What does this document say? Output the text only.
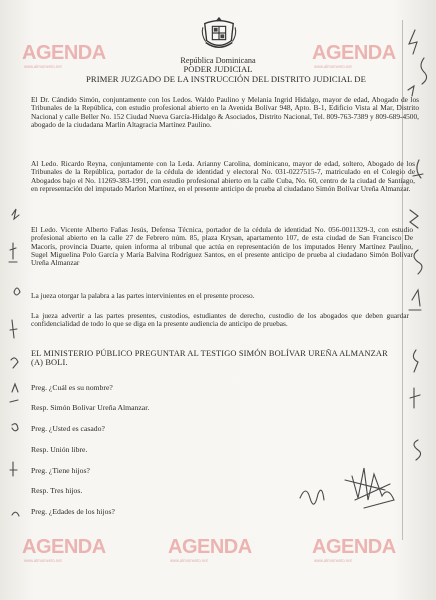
República Dominicana
PODER JUDICIAL
PRIMER JUZGADO DE LA INSTRUCCIÓN DEL DISTRITO JUDICIAL DE
El Dr. Cándido Simón, conjuntamente con los Ledos. Waldo Paulino y Melania Ingrid Hidalgo, mayor de edad, Abogado de los Tribunales de la República, con estudio profesional abierto en la Avenida Bolívar 948, Apto. B-1, Edificio Vista al Mar, Distrito Nacional y calle Beller No. 152 Ciudad Nueva García-Hidalgo & Asociados, Distrito Nacional, Tel. 809-763-7389 y 809-689-4500, abogado de la ciudadana Marlin Altagracia Martínez Paulino.
Al Ledo. Ricardo Reyna, conjuntamente con la Leda. Arianny Carolina, dominicano, mayor de edad, soltero, Abogado de los Tribunales de la República, portador de la cédula de identidad y electoral No. 031-0227515-7, matriculado en el Colegio de Abogados bajo el No. 11269-383-1991, con estudio profesional abierto en la calle Cuba, No. 60, centro de la ciudad de Santiago, en representación del imputado Marlon Martínez, en el presente anticipo de prueba al ciudadano Simón Bolívar Ureña Almanzar.
El Ledo. Vicente Alberto Fañas Jesús, Defensa Técnica, portador de la cédula de identidad No. 056-0011329-3, con estudio profesional abierto en la calle 27 de Febrero núm. 85, plaza Krysan, apartamento 107, de esta ciudad de San Francisco De Macorís, provincia Duarte, quien informa al tribunal que actúa en representación de los imputados Henry Martínez Paulino, Sugel Miguelina Polo García y María Balvina Rodríguez Santos, en el presente anticipo de prueba al ciudadano Simón Bolívar Ureña Almanzar
La jueza otorgar la palabra a las partes intervinientes en el presente proceso.
La jueza advertir a las partes presentes, custodios, estudiantes de derecho, custodio de los abogados que deben guardar confidencialidad de todo lo que se diga en la presente audiencia de anticipo de pruebas.
EL MINISTERIO PÚBLICO PREGUNTAR AL TESTIGO SIMÓN BOLÍVAR UREÑA ALMANZAR (A) BOLI.
Preg. ¿Cuál es su nombre?
Resp. Simón Bolívar Ureña Almanzar.
Preg. ¿Usted es casado?
Resp. Unión libre.
Preg. ¿Tiene hijos?
Resp. Tres hijos.
Preg. ¿Edades de los hijos?
AGENDA
www.almomento.net
AGENDA
www.almomento.net
AGENDA
www.almomento.net
AGENDA
www.almomento.net
AGENDA
www.almomento.net
